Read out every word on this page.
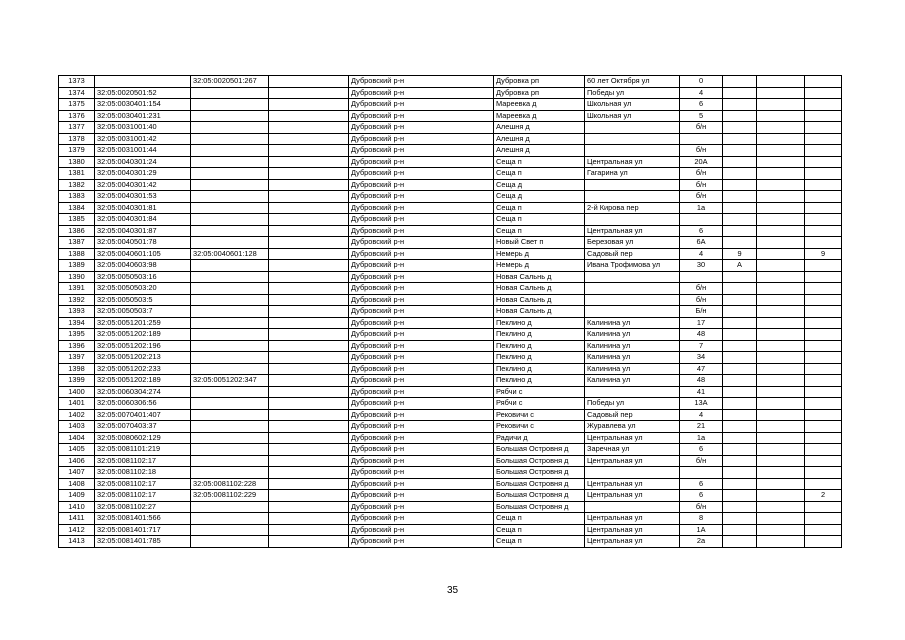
1373		32:05:0020501:267		Дубровский р-н	Дубровка рп	60 лет Октября ул	0			
1374	32:05:0020501:52			Дубровский р-н	Дубровка рп	Победы ул	4			
1375	32:05:0030401:154			Дубровский р-н	Мареевка д	Школьная ул	6			
1376	32:05:0030401:231			Дубровский р-н	Мареевка д	Школьная ул	5			
1377	32:05:0031001:40			Дубровский р-н	Алешня д		б/н			
1378	32:05:0031001:42			Дубровский р-н	Алешня д					
1379	32:05:0031001:44			Дубровский р-н	Алешня д		б/н			
1380	32:05:0040301:24			Дубровский р-н	Сеща п	Центральная ул	20А			
1381	32:05:0040301:29			Дубровский р-н	Сеща п	Гагарина ул	б/н			
1382	32:05:0040301:42			Дубровский р-н	Сеща д		б/н			
1383	32:05:0040301:53			Дубровский р-н	Сеща д		б/н			
1384	32:05:0040301:81			Дубровский р-н	Сеща п	2-й Кирова пер	1а			
1385	32:05:0040301:84			Дубровский р-н	Сеща п					
1386	32:05:0040301:87			Дубровский р-н	Сеща п	Центральная ул	6			
1387	32:05:0040501:78			Дубровский р-н	Новый Свет п	Березовая ул	6А			
1388	32:05:0040601:105	32:05:0040601:128		Дубровский р-н	Немерь д	Садовый пер	4	9		9
1389	32:05:0040603:98			Дубровский р-н	Немерь д	Ивана Трофимова ул	30	А		
1390	32:05:0050503:16			Дубровский р-н	Новая Сальнь д					
1391	32:05:0050503:20			Дубровский р-н	Новая Сальнь д		б/н			
1392	32:05:0050503:5			Дубровский р-н	Новая Сальнь д		б/н			
1393	32:05:0050503:7			Дубровский р-н	Новая Сальнь д		Б/н			
1394	32:05:0051201:259			Дубровский р-н	Пеклино д	Калинина ул	17			
1395	32:05:0051202:189			Дубровский р-н	Пеклино д	Калинина ул	48			
1396	32:05:0051202:196			Дубровский р-н	Пеклино д	Калинина ул	7			
1397	32:05:0051202:213			Дубровский р-н	Пеклино д	Калинина ул	34			
1398	32:05:0051202:233			Дубровский р-н	Пеклино д	Калинина ул	47			
1399	32:05:0051202:189	32:05:0051202:347		Дубровский р-н	Пеклино д	Калинина ул	48			
1400	32:05:0060304:274			Дубровский р-н	Рябчи с		41			
1401	32:05:0060306:56			Дубровский р-н	Рябчи с	Победы ул	13А			
1402	32:05:0070401:407			Дубровский р-н	Рековичи с	Садовый пер	4			
1403	32:05:0070403:37			Дубровский р-н	Рековичи с	Журавлева ул	21			
1404	32:05:0080602:129			Дубровский р-н	Радичи д	Центральная ул	1а			
1405	32:05:0081101:219			Дубровский р-н	Большая Островня д	Заречная ул	6			
1406	32:05:0081102:17			Дубровский р-н	Большая Островня д	Центральная ул	б/н			
1407	32:05:0081102:18			Дубровский р-н	Большая Островня д					
1408	32:05:0081102:17	32:05:0081102:228		Дубровский р-н	Большая Островня д	Центральная ул	6			
1409	32:05:0081102:17	32:05:0081102:229		Дубровский р-н	Большая Островня д	Центральная ул	6			2
1410	32:05:0081102:27			Дубровский р-н	Большая Островня д		б/н			
1411	32:05:0081401:566			Дубровский р-н	Сеща п	Центральная ул	8			
1412	32:05:0081401:717			Дубровский р-н	Сеща п	Центральная ул	1А			
1413	32:05:0081401:785			Дубровский р-н	Сеща п	Центральная ул	2а			
35
